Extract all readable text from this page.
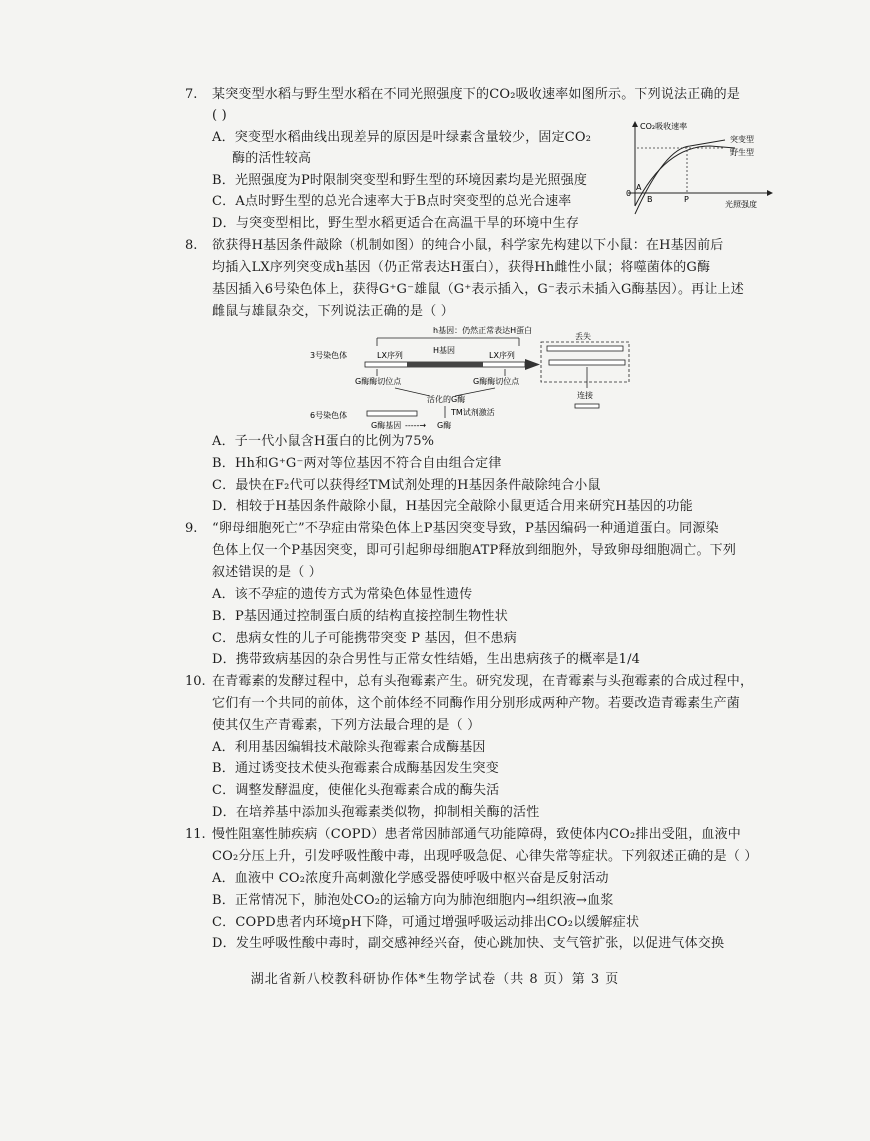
7. 某突变型水稻与野生型水稻在不同光照强度下的CO₂吸收速率如图所示。下列说法正确的是
( )
A．突变型水稻曲线出现差异的原因是叶绿素含量较少，固定CO₂
酶的活性较高
B．光照强度为P时限制突变型和野生型的环境因素均是光照强度
C．A点时野生型的总光合速率大于B点时突变型的总光合速率
D．与突变型相比，野生型水稻更适合在高温干旱的环境中生存
CO₂吸收速率
突变型
野生型
光照强度
0
A
B	P
8. 欲获得H基因条件敲除（机制如图）的纯合小鼠，科学家先构建以下小鼠：在H基因前后
均插入LX序列突变成h基因（仍正常表达H蛋白），获得Hh雌性小鼠；将噬菌体的G酶
基因插入6号染色体上，获得G⁺G⁻雄鼠（G⁺表示插入，G⁻表示未插入G酶基因）。再让上述
雌鼠与雄鼠杂交，下列说法正确的是（ ）
h基因：仍然正常表达H蛋白
3号染色体	LX序列
H基因
LX序列
丢失
连接
G酶酶切位点	G酶酶切位点
活化的G酶
6号染色体	TM试剂激活
G酶基因 -----→ G酶
A．子一代小鼠含H蛋白的比例为75%
B．Hh和G⁺G⁻两对等位基因不符合自由组合定律
C．最快在F₂代可以获得经TM试剂处理的H基因条件敲除纯合小鼠
D．相较于H基因条件敲除小鼠，H基因完全敲除小鼠更适合用来研究H基因的功能
9. “卵母细胞死亡”不孕症由常染色体上P基因突变导致，P基因编码一种通道蛋白。同源染
色体上仅一个P基因突变，即可引起卵母细胞ATP释放到细胞外，导致卵母细胞凋亡。下列
叙述错误的是（ ）
A．该不孕症的遗传方式为常染色体显性遗传
B．P基因通过控制蛋白质的结构直接控制生物性状
C．患病女性的儿子可能携带突变 P 基因，但不患病
D．携带致病基因的杂合男性与正常女性结婚，生出患病孩子的概率是1/4
10. 在青霉素的发酵过程中，总有头孢霉素产生。研究发现，在青霉素与头孢霉素的合成过程中，
它们有一个共同的前体，这个前体经不同酶作用分别形成两种产物。若要改造青霉素生产菌
使其仅生产青霉素，下列方法最合理的是（ ）
A．利用基因编辑技术敲除头孢霉素合成酶基因
B．通过诱变技术使头孢霉素合成酶基因发生突变
C．调整发酵温度，使催化头孢霉素合成的酶失活
D．在培养基中添加头孢霉素类似物，抑制相关酶的活性
11. 慢性阻塞性肺疾病（COPD）患者常因肺部通气功能障碍，致使体内CO₂排出受阻，血液中
CO₂分压上升，引发呼吸性酸中毒，出现呼吸急促、心律失常等症状。下列叙述正确的是（ ）
A．血液中 CO₂浓度升高刺激化学感受器使呼吸中枢兴奋是反射活动
B．正常情况下，肺泡处CO₂的运输方向为肺泡细胞内→组织液→血浆
C．COPD患者内环境pH下降，可通过增强呼吸运动排出CO₂以缓解症状
D．发生呼吸性酸中毒时，副交感神经兴奋，使心跳加快、支气管扩张，以促进气体交换
湖北省新八校教科研协作体*生物学试卷（共 8 页）第 3 页
